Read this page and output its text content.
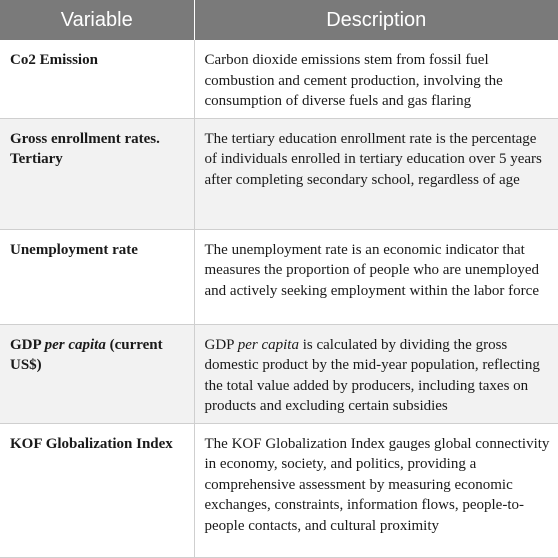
Variable	Description
Co2 Emission	Carbon dioxide emissions stem from fossil fuel combustion and cement production, involving the consumption of diverse fuels and gas flaring
Gross enrollment rates. Tertiary	The tertiary education enrollment rate is the percentage of individuals enrolled in tertiary education over 5 years after completing secondary school, regardless of age
Unemployment rate	The unemployment rate is an economic indicator that measures the proportion of people who are unemployed and actively seeking employment within the labor force
GDP per capita (current US$)	GDP per capita is calculated by dividing the gross domestic product by the mid-year population, reflecting the total value added by producers, including taxes on products and excluding certain subsidies
KOF Globalization Index	The KOF Globalization Index gauges global connectivity in economy, society, and politics, providing a comprehensive assessment by measuring economic exchanges, constraints, information flows, people-to-people contacts, and cultural proximity
